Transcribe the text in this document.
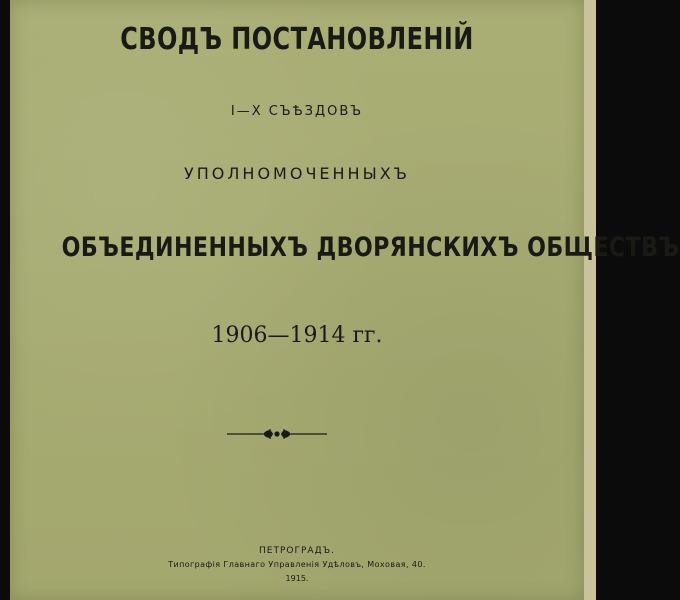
СВОДЪ ПОСТАНОВЛЕНІЙ
I—X СЪѢЗДОВЪ
УПОЛНОМОЧЕННЫХЪ
ОБЪЕДИНЕННЫХЪ ДВОРЯНСКИХЪ ОБЩЕСТВЪ
1906—1914 гг.
ПЕТРОГРАДЪ.
Типографія Главнаго Управленія Удѣловъ, Моховая, 40.
1915.
